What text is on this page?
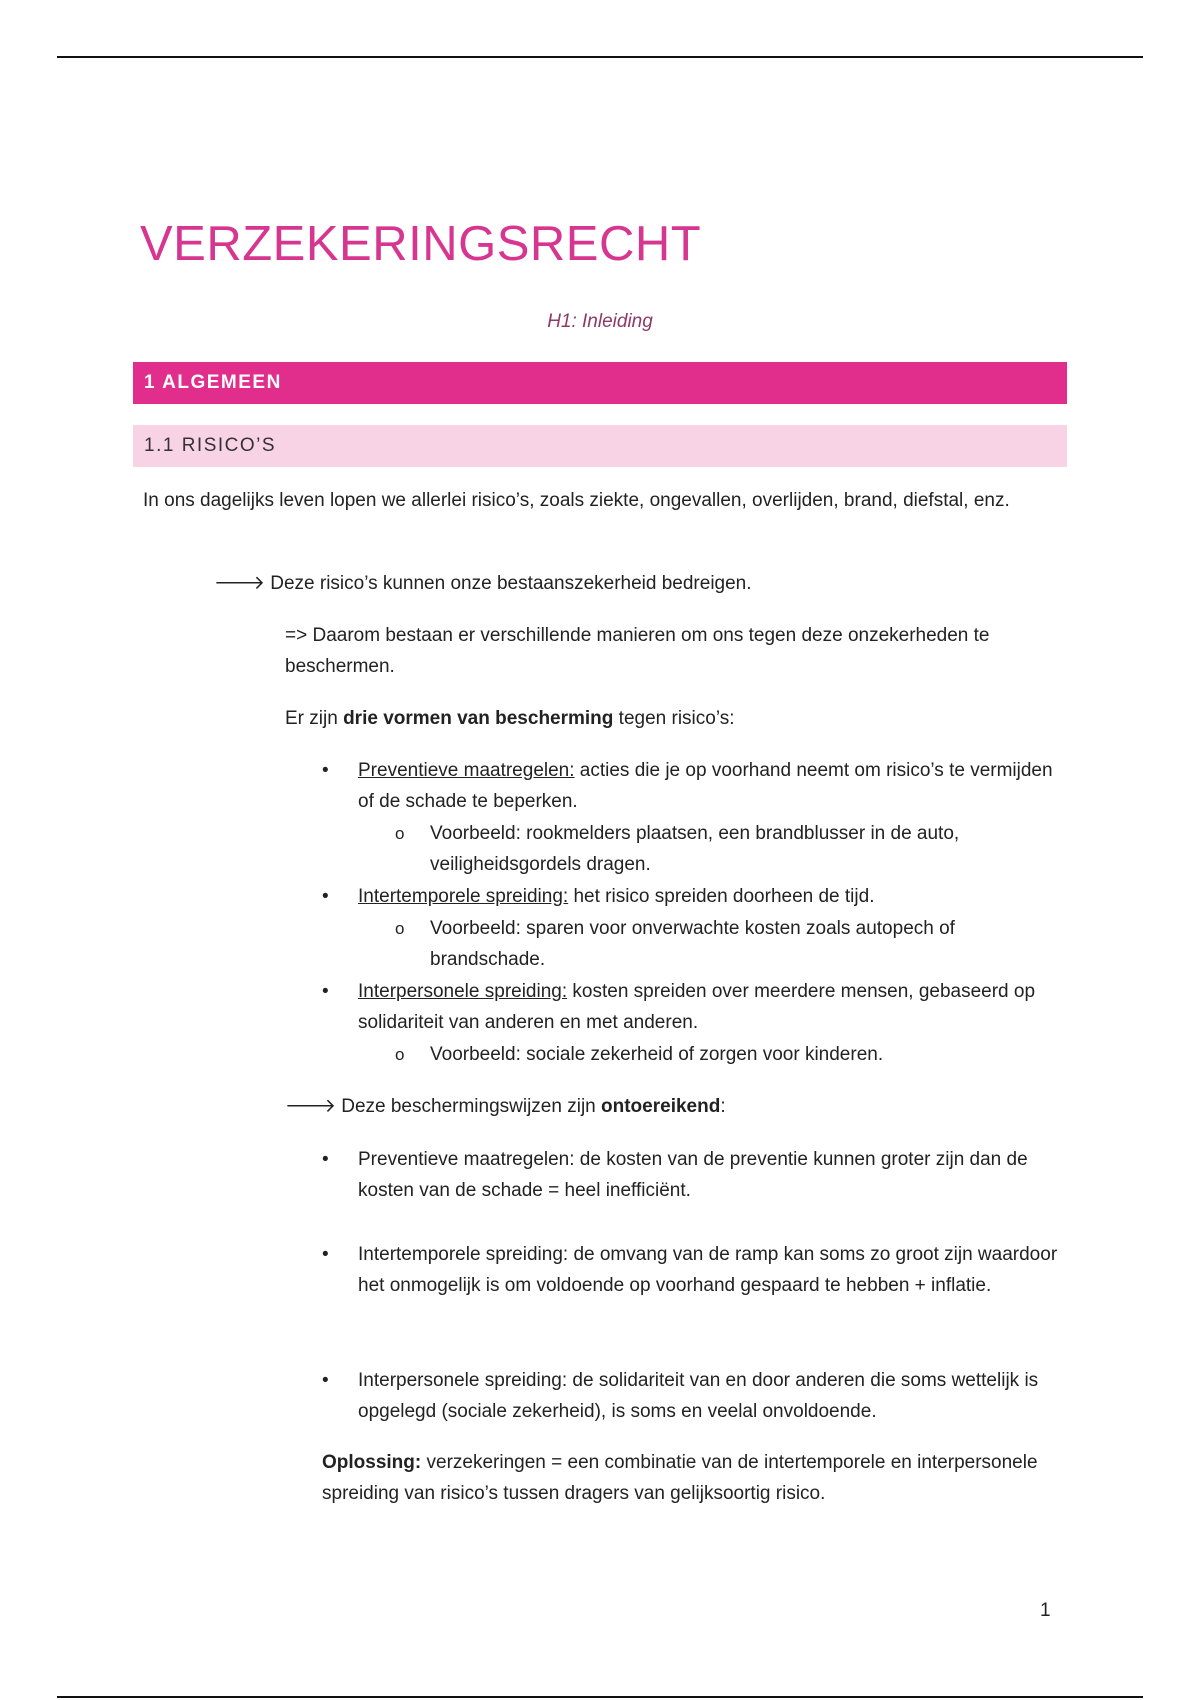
VERZEKERINGSRECHT
H1: Inleiding
1 ALGEMEEN
1.1 RISICO’S

In ons dagelijks leven lopen we allerlei risico’s, zoals ziekte, ongevallen, overlijden, brand, diefstal, enz.

🡒 Deze risico’s kunnen onze bestaanszekerheid bedreigen.

=> Daarom bestaan er verschillende manieren om ons tegen deze onzekerheden te beschermen.

Er zijn drie vormen van bescherming tegen risico’s:

• Preventieve maatregelen: acties die je op voorhand neemt om risico’s te vermijden of de schade te beperken.

o Voorbeeld: rookmelders plaatsen, een brandblusser in de auto, veiligheidsgordels dragen.

• Intertemporele spreiding: het risico spreiden doorheen de tijd.

o Voorbeeld: sparen voor onverwachte kosten zoals autopech of brandschade.

• Interpersonele spreiding: kosten spreiden over meerdere mensen, gebaseerd op solidariteit van anderen en met anderen.

o Voorbeeld: sociale zekerheid of zorgen voor kinderen.

🡒 Deze beschermingswijzen zijn ontoereikend:

• Preventieve maatregelen: de kosten van de preventie kunnen groter zijn dan de kosten van de schade = heel inefficiënt.

• Intertemporele spreiding: de omvang van de ramp kan soms zo groot zijn waardoor het onmogelijk is om voldoende op voorhand gespaard te hebben + inflatie.

• Interpersonele spreiding: de solidariteit van en door anderen die soms wettelijk is opgelegd (sociale zekerheid), is soms en veelal onvoldoende.

Oplossing: verzekeringen = een combinatie van de intertemporele en interpersonele spreiding van risico’s tussen dragers van gelijksoortig risico.

1
